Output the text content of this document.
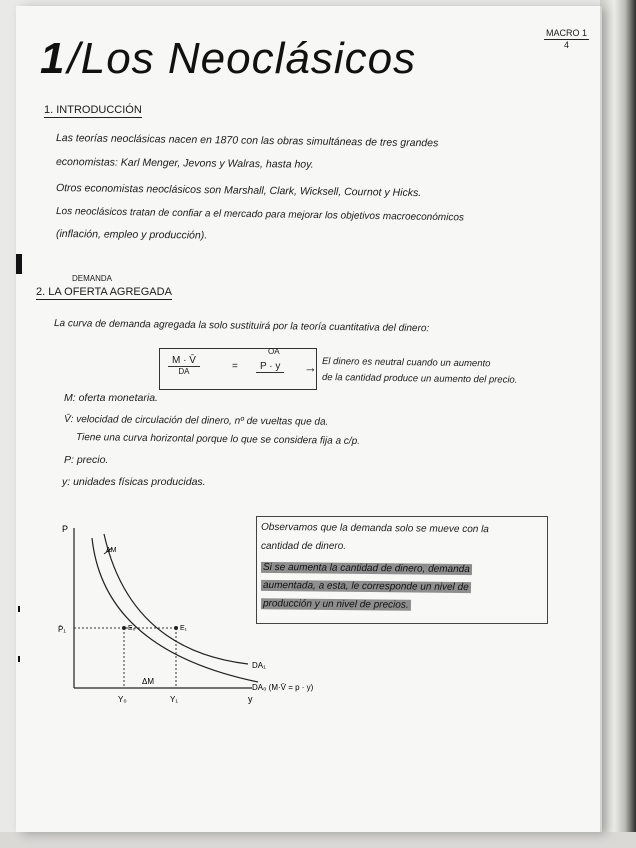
1/Los Neoclásicos
MACRO 1
4
1. INTRODUCCIÓN
Las teorías neoclásicas nacen en 1870 con las obras simultáneas de tres grandes
economistas: Karl Menger, Jevons y Walras, hasta hoy.
Otros economistas neoclásicos son Marshall, Clark, Wicksell, Cournot y Hicks.
Los neoclásicos tratan de confiar a el mercado para mejorar los objetivos macroeconómicos
(inflación, empleo y producción).
DEMANDA
2. LA OFERTA AGREGADA
La curva de demanda agregada la solo sustituirá por la teoría cuantitativa del dinero:
M · V̄
DA	=
OA
P · y	→ El dinero es neutral cuando un aumento
de la cantidad produce un aumento del precio.
M: oferta monetaria.
V̄: velocidad de circulación del dinero, nº de vueltas que da.
Tiene una curva horizontal porque lo que se considera fija a c/p.
P: precio.
y: unidades físicas producidas.
P
y
P̄₁
Y₀	Y₁
ΔM
ΔM
E₀	E₁
DA₁
DA₀ (M·V̄ = p · y)
Observamos que la demanda solo se mueve con la
cantidad de dinero.
Si se aumenta la cantidad de dinero, demanda
aumentada, a esta, le corresponde un nivel de
producción y un nivel de precios.
